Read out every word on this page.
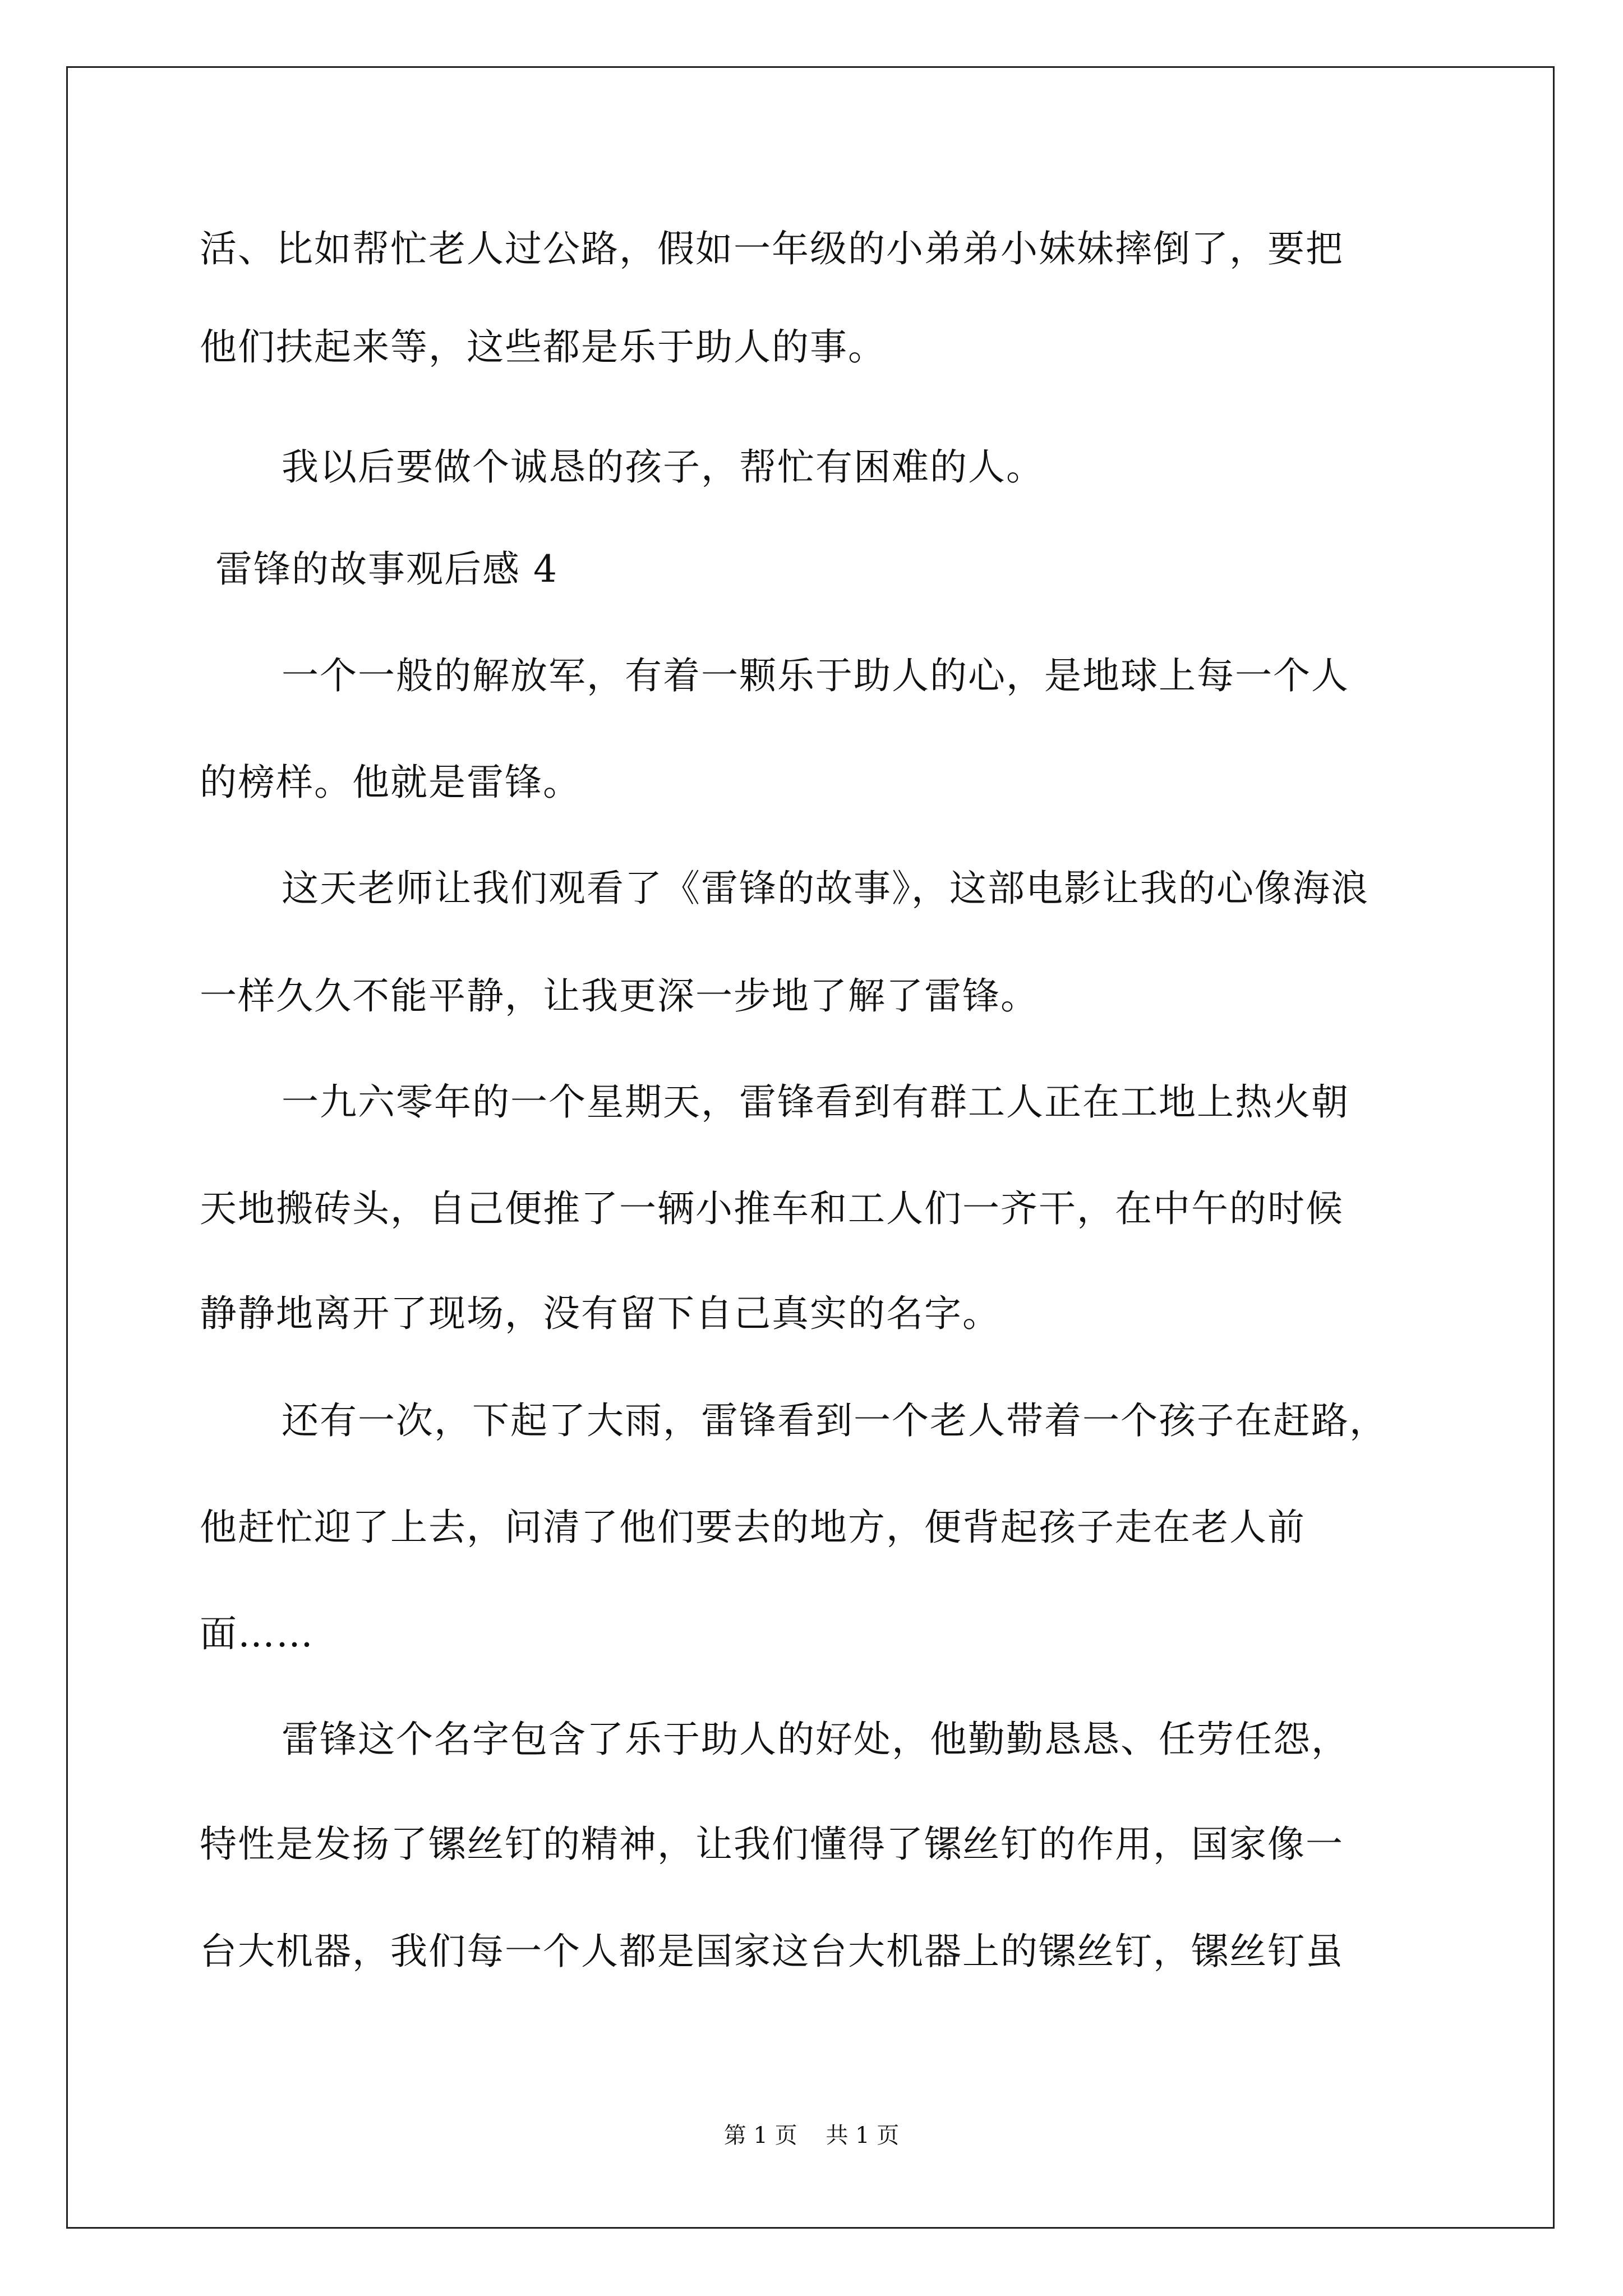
活、比如帮忙老人过公路，假如一年级的小弟弟小妹妹摔倒了，要把
他们扶起来等，这些都是乐于助人的事。
我以后要做个诚恳的孩子，帮忙有困难的人。
雷锋的故事观后感 4
一个一般的解放军，有着一颗乐于助人的心，是地球上每一个人
的榜样。他就是雷锋。
这天老师让我们观看了《雷锋的故事》，这部电影让我的心像海浪
一样久久不能平静，让我更深一步地了解了雷锋。
一九六零年的一个星期天，雷锋看到有群工人正在工地上热火朝
天地搬砖头，自己便推了一辆小推车和工人们一齐干，在中午的时候
静静地离开了现场，没有留下自己真实的名字。
还有一次，下起了大雨，雷锋看到一个老人带着一个孩子在赶路，
他赶忙迎了上去，问清了他们要去的地方，便背起孩子走在老人前
面……
雷锋这个名字包含了乐于助人的好处，他勤勤恳恳、任劳任怨，
特性是发扬了镙丝钉的精神，让我们懂得了镙丝钉的作用，国家像一
台大机器，我们每一个人都是国家这台大机器上的镙丝钉，镙丝钉虽
第 1 页    共 1 页
